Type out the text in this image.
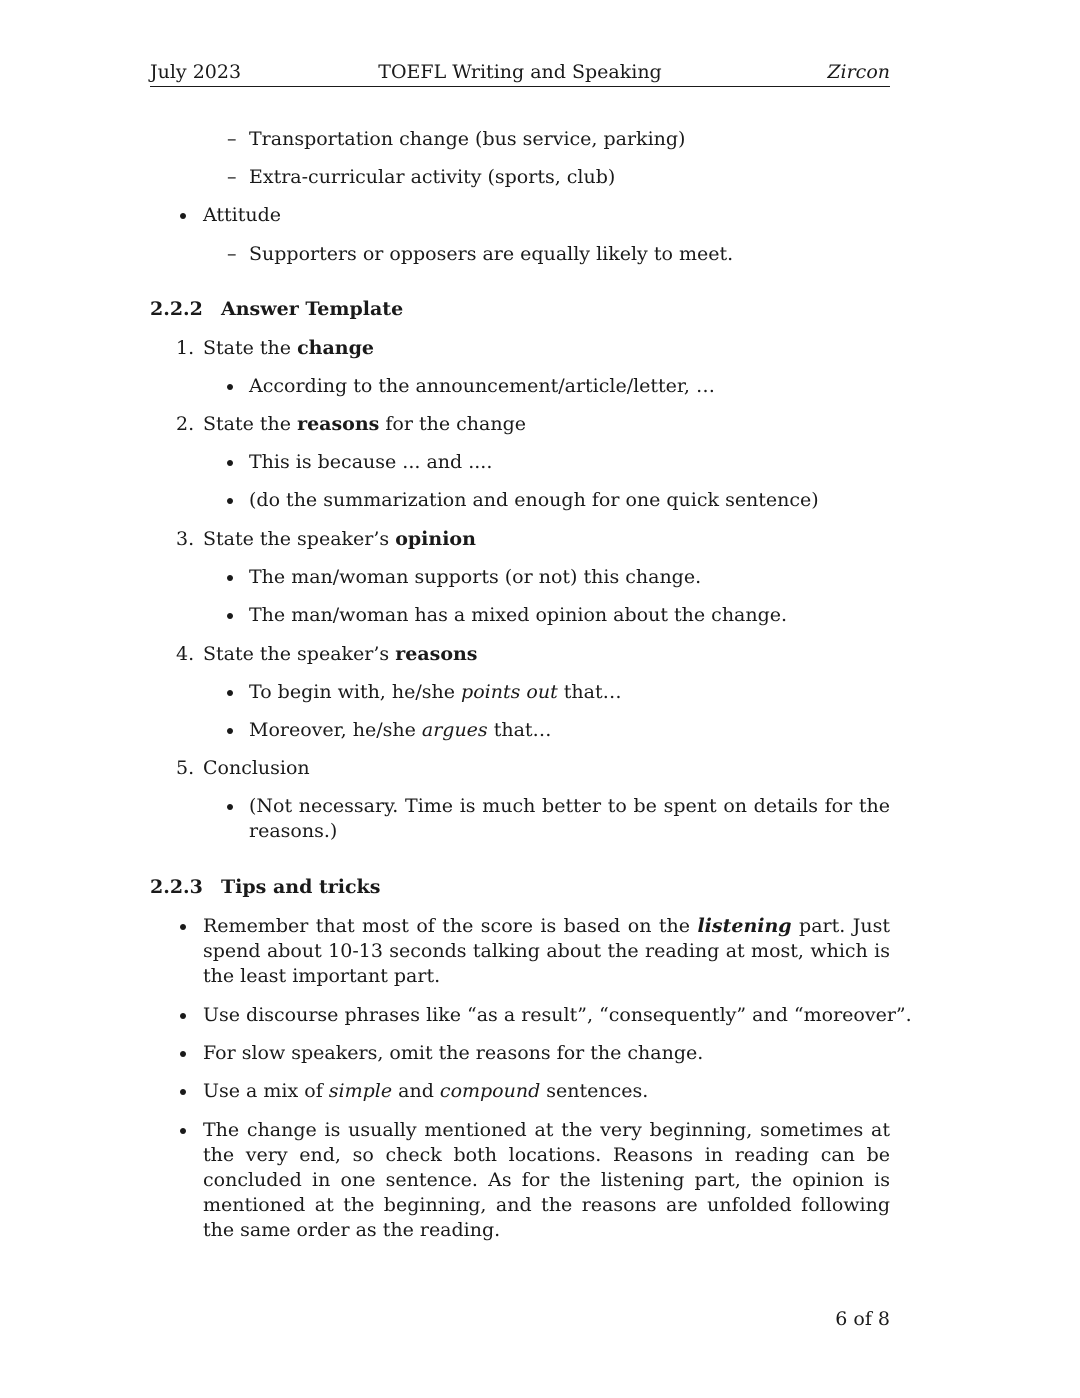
July 2023	TOEFL Writing and Speaking	Zircon
– Transportation change (bus service, parking)
– Extra-curricular activity (sports, club)
Attitude
– Supporters or opposers are equally likely to meet.
2.2.2 Answer Template
1. State the change
According to the announcement/article/letter, …
2. State the reasons for the change
This is because ... and ....
(do the summarization and enough for one quick sentence)
3. State the speaker’s opinion
The man/woman supports (or not) this change.
The man/woman has a mixed opinion about the change.
4. State the speaker’s reasons
To begin with, he/she points out that…
Moreover, he/she argues that…
5. Conclusion
(Not necessary. Time is much better to be spent on details for the reasons.)
2.2.3 Tips and tricks
Remember that most of the score is based on the listening part. Just spend about 10-13 seconds talking about the reading at most, which is the least important part.
Use discourse phrases like “as a result”, “consequently” and “moreover”.
For slow speakers, omit the reasons for the change.
Use a mix of simple and compound sentences.
The change is usually mentioned at the very beginning, sometimes at the very end, so check both locations. Reasons in reading can be concluded in one sentence. As for the listening part, the opinion is mentioned at the beginning, and the reasons are unfolded following the same order as the reading.
6 of 8
